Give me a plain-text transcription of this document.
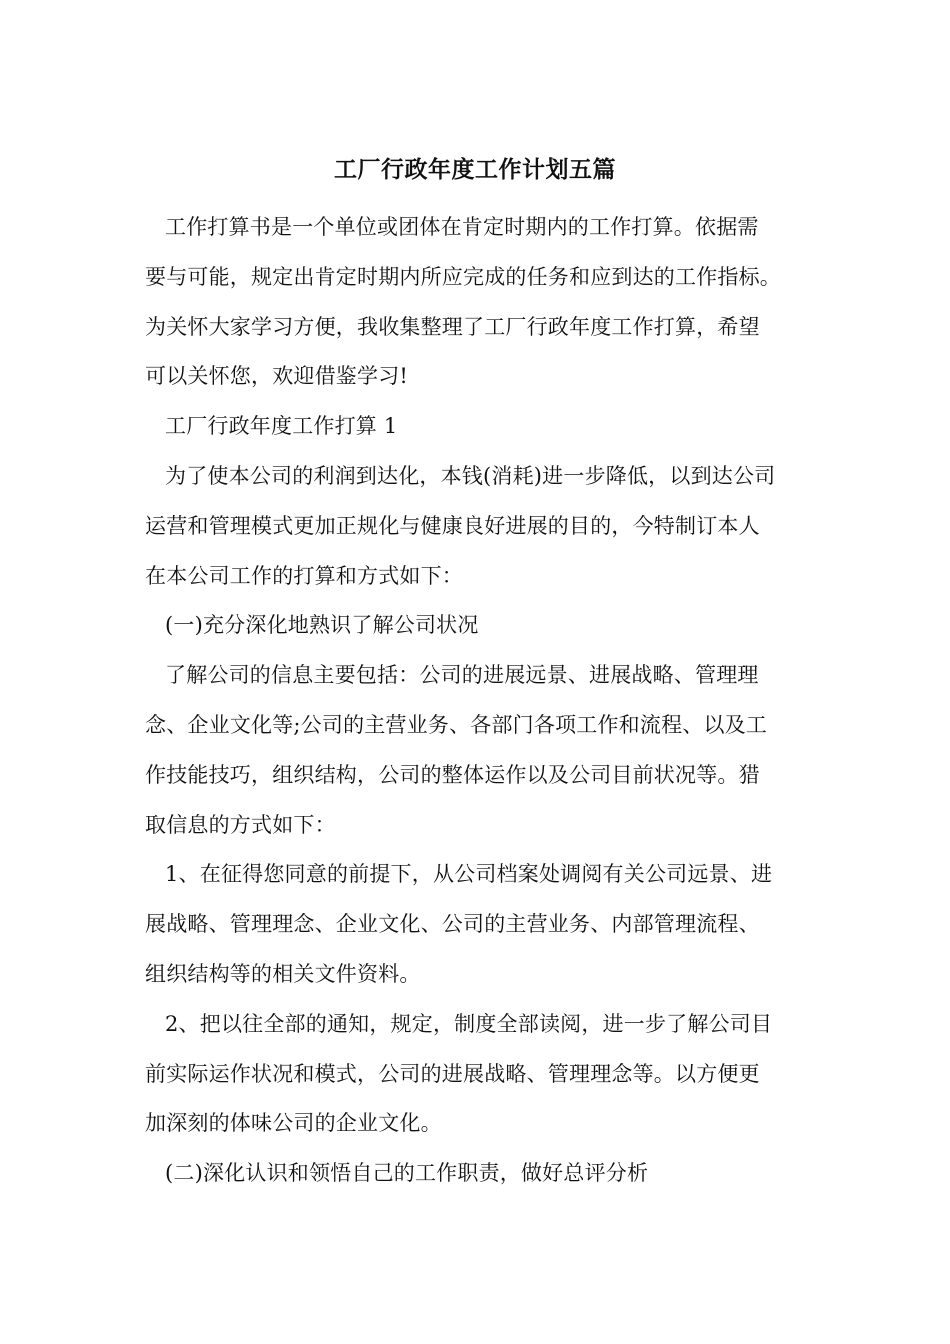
工厂行政年度工作计划五篇
工作打算书是一个单位或团体在肯定时期内的工作打算。依据需
要与可能，规定出肯定时期内所应完成的任务和应到达的工作指标。
为关怀大家学习方便，我收集整理了工厂行政年度工作打算，希望
可以关怀您，欢迎借鉴学习!
工厂行政年度工作打算 1
为了使本公司的利润到达化，本钱(消耗)进一步降低，以到达公司
运营和管理模式更加正规化与健康良好进展的目的，今特制订本人
在本公司工作的打算和方式如下：
(一)充分深化地熟识了解公司状况
了解公司的信息主要包括：公司的进展远景、进展战略、管理理
念、企业文化等;公司的主营业务、各部门各项工作和流程、以及工
作技能技巧，组织结构，公司的整体运作以及公司目前状况等。猎
取信息的方式如下：
1、在征得您同意的前提下，从公司档案处调阅有关公司远景、进
展战略、管理理念、企业文化、公司的主营业务、内部管理流程、
组织结构等的相关文件资料。
2、把以往全部的通知，规定，制度全部读阅，进一步了解公司目
前实际运作状况和模式，公司的进展战略、管理理念等。以方便更
加深刻的体味公司的企业文化。
(二)深化认识和领悟自己的工作职责，做好总评分析
